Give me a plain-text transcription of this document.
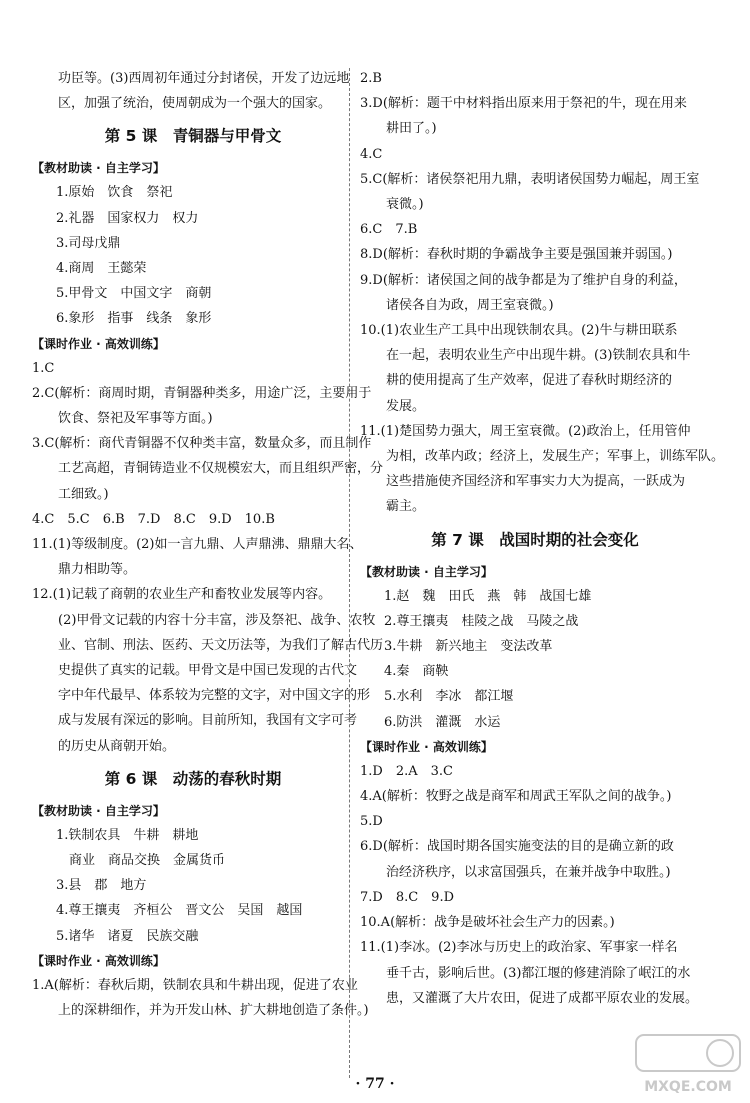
功臣等。(3)西周初年通过分封诸侯，开发了边远地
区，加强了统治，使周朝成为一个强大的国家。
第 5 课　青铜器与甲骨文
【教材助读 · 自主学习】
1.原始　饮食　祭祀
2.礼器　国家权力　权力
3.司母戊鼎
4.商周　王懿荣
5.甲骨文　中国文字　商朝
6.象形　指事　线条　象形
【课时作业 · 高效训练】
1.C
2.C(解析：商周时期，青铜器种类多，用途广泛，主要用于
饮食、祭祀及军事等方面。)
3.C(解析：商代青铜器不仅种类丰富，数量众多，而且制作
工艺高超，青铜铸造业不仅规模宏大，而且组织严密，分
工细致。)
4.C　5.C　6.B　7.D　8.C　9.D　10.B
11.(1)等级制度。(2)如一言九鼎、人声鼎沸、鼎鼎大名、
鼎力相助等。
12.(1)记载了商朝的农业生产和畜牧业发展等内容。
(2)甲骨文记载的内容十分丰富，涉及祭祀、战争、农牧
业、官制、刑法、医药、天文历法等，为我们了解古代历
史提供了真实的记载。甲骨文是中国已发现的古代文
字中年代最早、体系较为完整的文字，对中国文字的形
成与发展有深远的影响。目前所知，我国有文字可考
的历史从商朝开始。
第 6 课　动荡的春秋时期
【教材助读 · 自主学习】
1.铁制农具　牛耕　耕地
　商业　商品交换　金属货币
3.县　郡　地方
4.尊王攘夷　齐桓公　晋文公　吴国　越国
5.诸华　诸夏　民族交融
【课时作业 · 高效训练】
1.A(解析：春秋后期，铁制农具和牛耕出现，促进了农业
上的深耕细作，并为开发山林、扩大耕地创造了条件。)
2.B
3.D(解析：题干中材料指出原来用于祭祀的牛，现在用来
耕田了。)
4.C
5.C(解析：诸侯祭祀用九鼎，表明诸侯国势力崛起，周王室
衰微。)
6.C　7.B
8.D(解析：春秋时期的争霸战争主要是强国兼并弱国。)
9.D(解析：诸侯国之间的战争都是为了维护自身的利益，
诸侯各自为政，周王室衰微。)
10.(1)农业生产工具中出现铁制农具。(2)牛与耕田联系
在一起，表明农业生产中出现牛耕。(3)铁制农具和牛
耕的使用提高了生产效率，促进了春秋时期经济的
发展。
11.(1)楚国势力强大，周王室衰微。(2)政治上，任用管仲
为相，改革内政；经济上，发展生产；军事上，训练军队。
这些措施使齐国经济和军事实力大为提高，一跃成为
霸主。
第 7 课　战国时期的社会变化
【教材助读 · 自主学习】
1.赵　魏　田氏　燕　韩　战国七雄
2.尊王攘夷　桂陵之战　马陵之战
3.牛耕　新兴地主　变法改革
4.秦　商鞅
5.水利　李冰　都江堰
6.防洪　灌溉　水运
【课时作业 · 高效训练】
1.D　2.A　3.C
4.A(解析：牧野之战是商军和周武王军队之间的战争。)
5.D
6.D(解析：战国时期各国实施变法的目的是确立新的政
治经济秩序，以求富国强兵，在兼并战争中取胜。)
7.D　8.C　9.D
10.A(解析：战争是破坏社会生产力的因素。)
11.(1)李冰。(2)李冰与历史上的政治家、军事家一样名
垂千古，影响后世。(3)都江堰的修建消除了岷江的水
患，又灌溉了大片农田，促进了成都平原农业的发展。
· 77 ·	MXQE.COM
